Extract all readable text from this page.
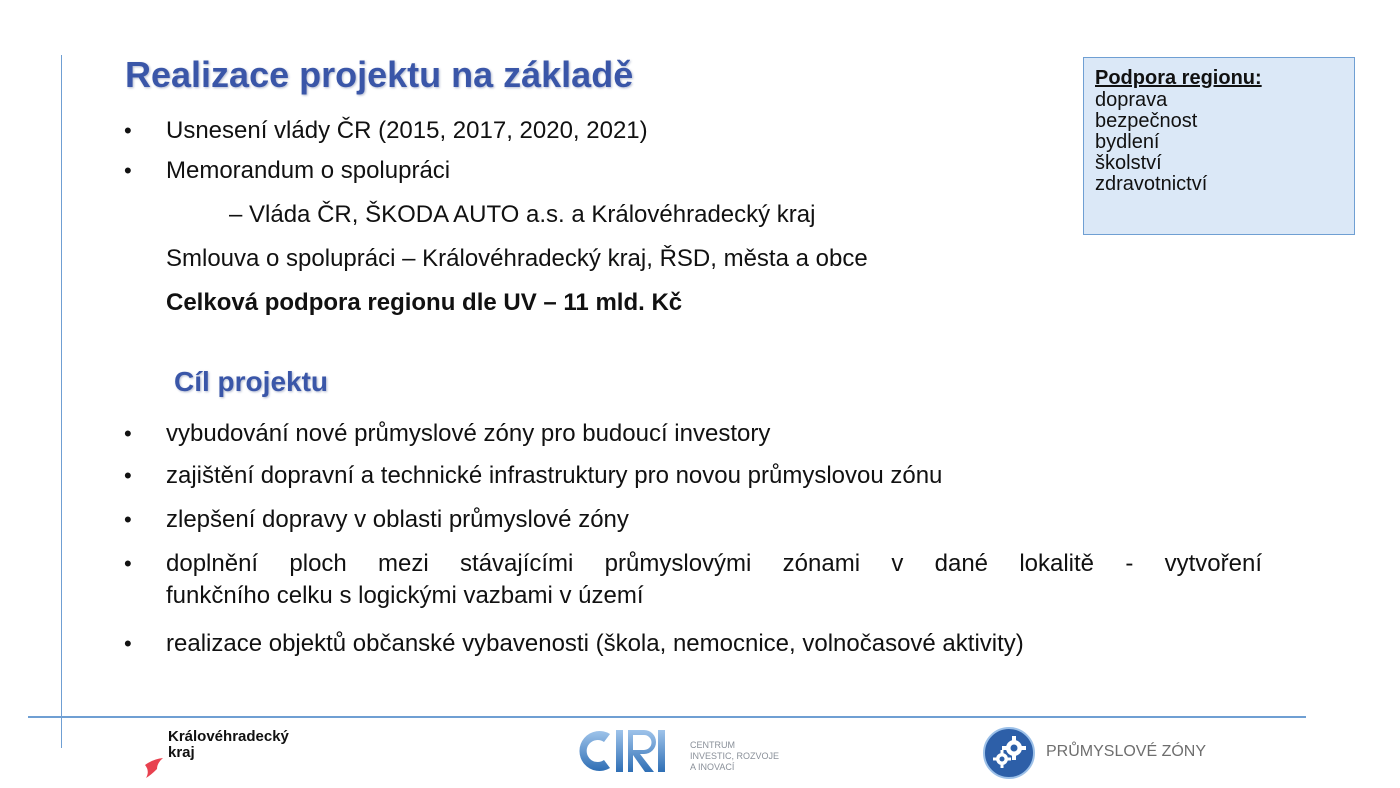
Realizace projektu na základě
• Usnesení vlády ČR (2015, 2017, 2020, 2021)
• Memorandum o spolupráci
– Vláda ČR, ŠKODA AUTO a.s. a Královéhradecký kraj
Smlouva o spolupráci – Královéhradecký kraj, ŘSD, města a obce
Celková podpora regionu dle UV – 11 mld. Kč
Cíl projektu
• vybudování nové průmyslové zóny pro budoucí investory
• zajištění dopravní a technické infrastruktury pro novou průmyslovou zónu
• zlepšení dopravy v oblasti průmyslové zóny
• doplnění ploch mezi stávajícími průmyslovými zónami v dané lokalitě - vytvoření
funkčního celku s logickými vazbami v území
• realizace objektů občanské vybavenosti (škola, nemocnice, volnočasové aktivity)
Podpora regionu:
doprava
bezpečnost
bydlení
školství
zdravotnictví
Královéhradecký
kraj	CENTRUM
INVESTIC, ROZVOJE
A INOVACÍ
PRŮMYSLOVÉ ZÓNY
